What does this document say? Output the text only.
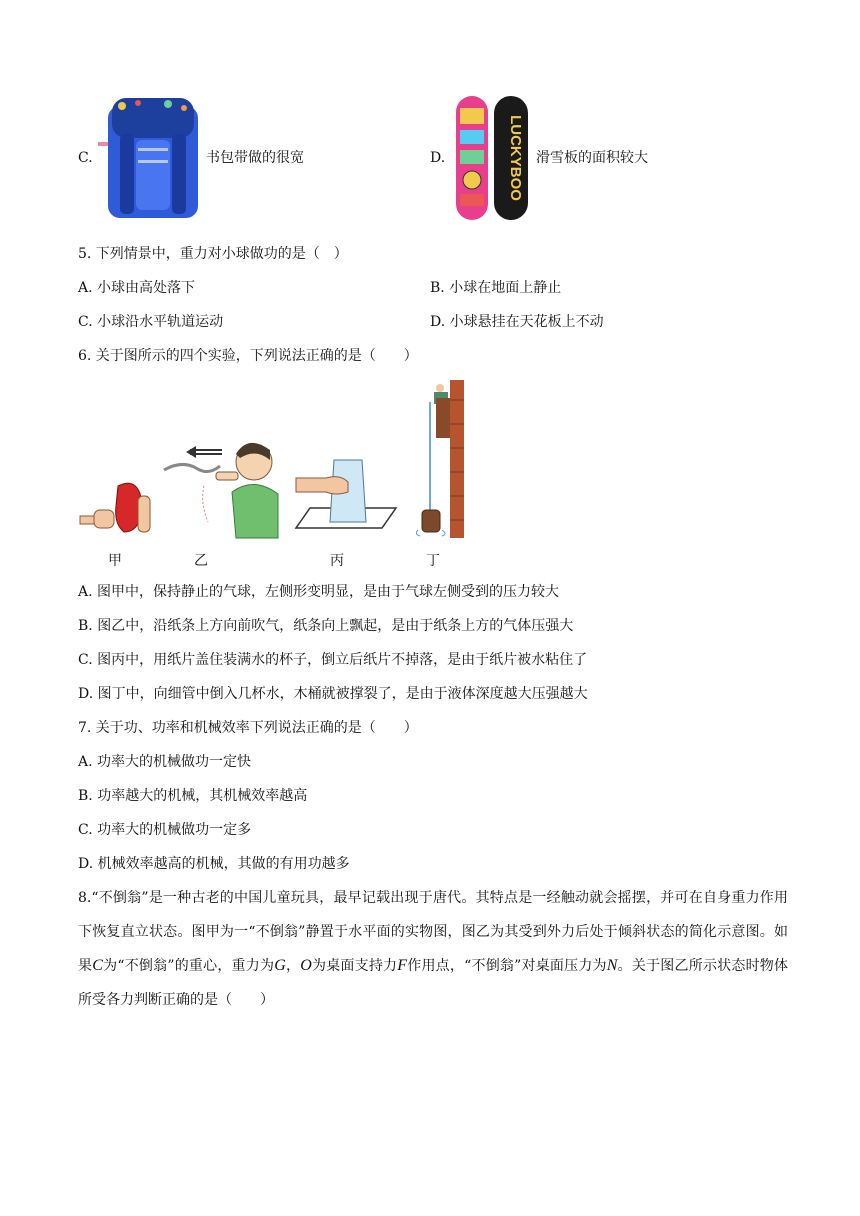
C.	书包带做的很宽	D.	LUCKYBOO 滑雪板的面积较大
5. 下列情景中，重力对小球做功的是（　）
A. 小球由高处落下	B. 小球在地面上静止
C. 小球沿水平轨道运动	D. 小球悬挂在天花板上不动
6. 关于图所示的四个实验，下列说法正确的是（　　）
甲	乙	丙	丁
A. 图甲中，保持静止的气球，左侧形变明显，是由于气球左侧受到的压力较大
B. 图乙中，沿纸条上方向前吹气，纸条向上飘起，是由于纸条上方的气体压强大
C. 图丙中，用纸片盖住装满水的杯子，倒立后纸片不掉落，是由于纸片被水粘住了
D. 图丁中，向细管中倒入几杯水，木桶就被撑裂了，是由于液体深度越大压强越大
7. 关于功、功率和机械效率下列说法正确的是（　　）
A. 功率大的机械做功一定快
B. 功率越大的机械，其机械效率越高
C. 功率大的机械做功一定多
D. 机械效率越高的机械，其做的有用功越多
8.“不倒翁”是一种古老的中国儿童玩具，最早记载出现于唐代。其特点是一经触动就会摇摆，并可在自身重力作用下恢复直立状态。图甲为一“不倒翁”静置于水平面的实物图，图乙为其受到外力后处于倾斜状态的简化示意图。如果C为“不倒翁”的重心，重力为G，O为桌面支持力F作用点，“不倒翁”对桌面压力为N。关于图乙所示状态时物体所受各力判断正确的是（　　）
